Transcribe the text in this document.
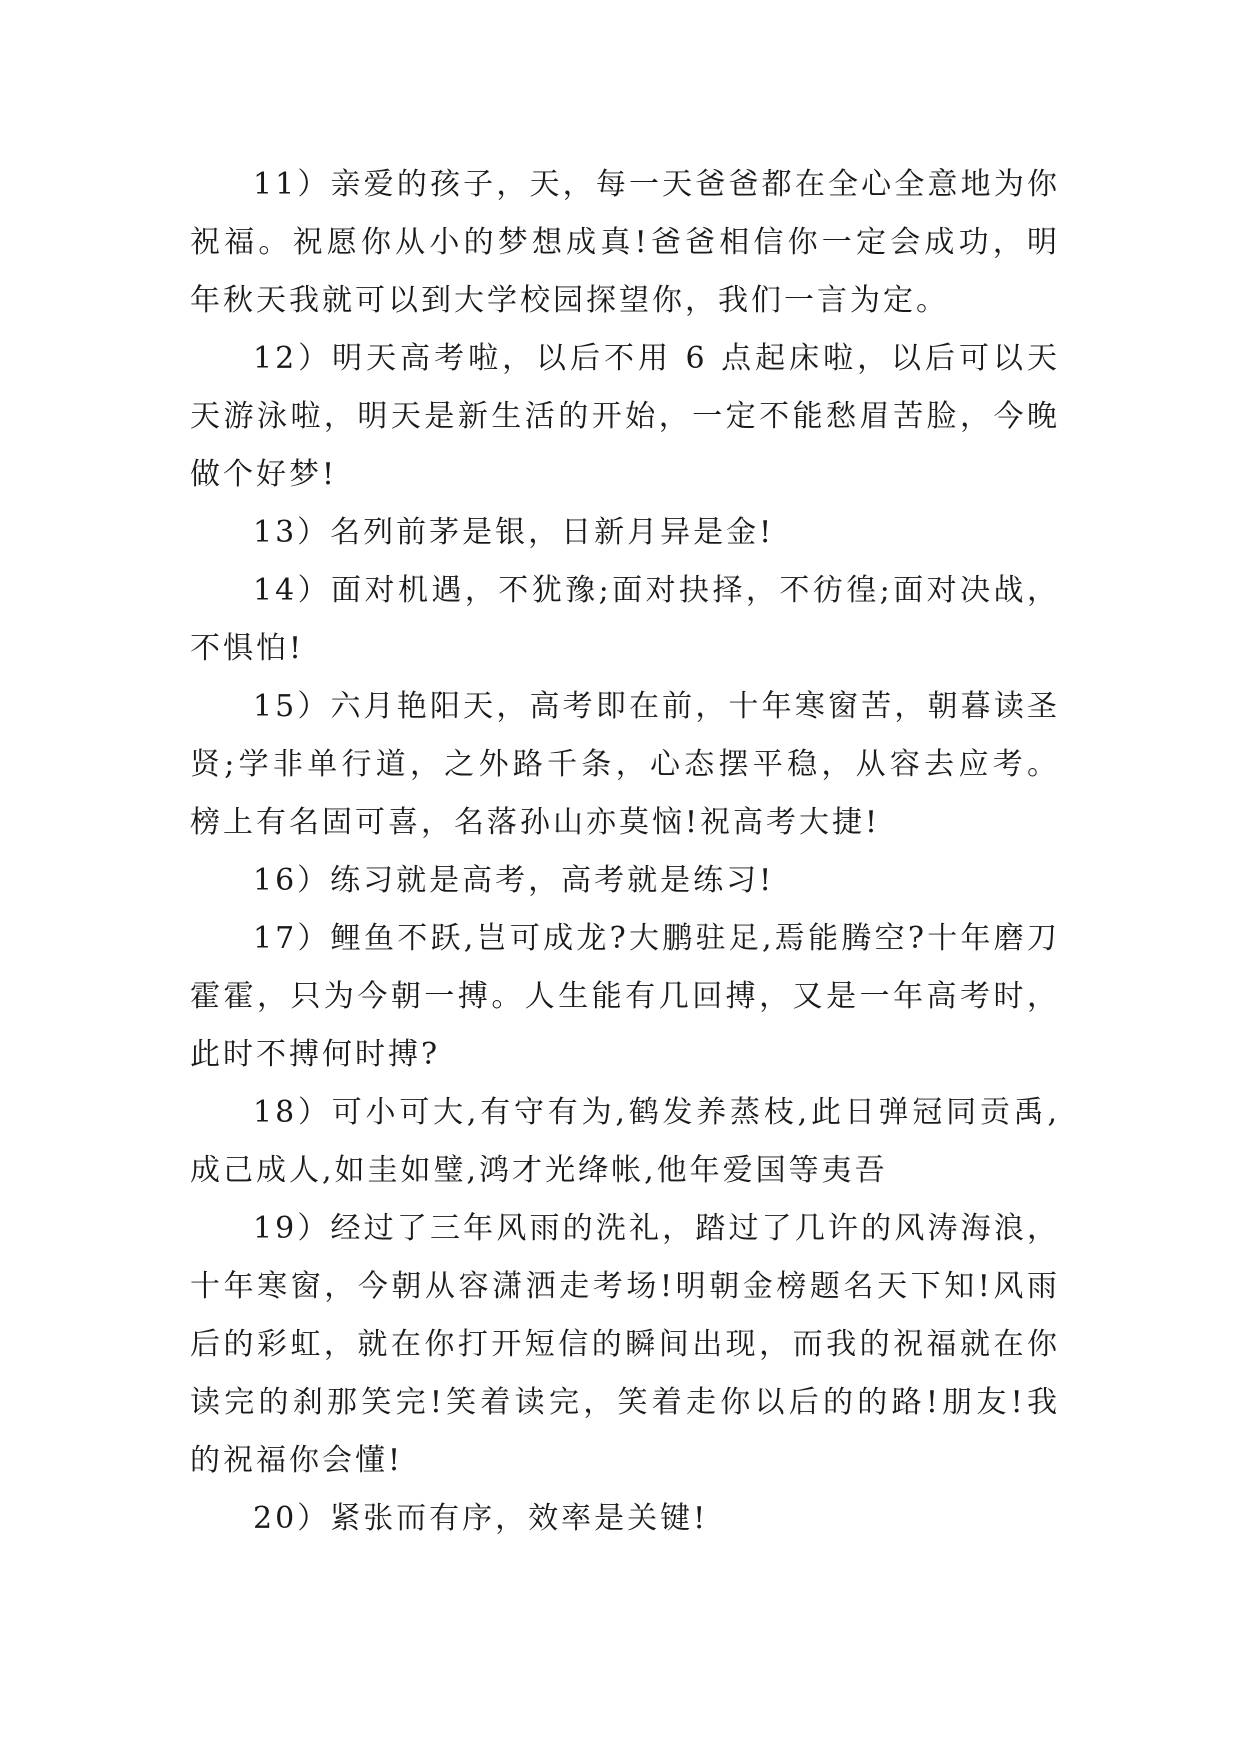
11）亲爱的孩子，天，每一天爸爸都在全心全意地为你祝福。祝愿你从小的梦想成真!爸爸相信你一定会成功，明年秋天我就可以到大学校园探望你，我们一言为定。

12）明天高考啦，以后不用 6 点起床啦，以后可以天天游泳啦，明天是新生活的开始，一定不能愁眉苦脸，今晚做个好梦!

13）名列前茅是银，日新月异是金!

14）面对机遇，不犹豫;面对抉择，不彷徨;面对决战，不惧怕!

15）六月艳阳天，高考即在前，十年寒窗苦，朝暮读圣贤;学非单行道，之外路千条，心态摆平稳，从容去应考。榜上有名固可喜，名落孙山亦莫恼!祝高考大捷!

16）练习就是高考，高考就是练习!

17）鲤鱼不跃,岂可成龙?大鹏驻足,焉能腾空?十年磨刀霍霍，只为今朝一搏。人生能有几回搏，又是一年高考时，此时不搏何时搏?

18）可小可大,有守有为,鹤发养蒸枝,此日弹冠同贡禹,成己成人,如圭如璧,鸿才光绛帐,他年爱国等夷吾

19）经过了三年风雨的洗礼，踏过了几许的风涛海浪，十年寒窗，今朝从容潇洒走考场!明朝金榜题名天下知!风雨后的彩虹，就在你打开短信的瞬间出现，而我的祝福就在你读完的刹那笑完!笑着读完，笑着走你以后的的路!朋友!我的祝福你会懂!

20）紧张而有序，效率是关键!
